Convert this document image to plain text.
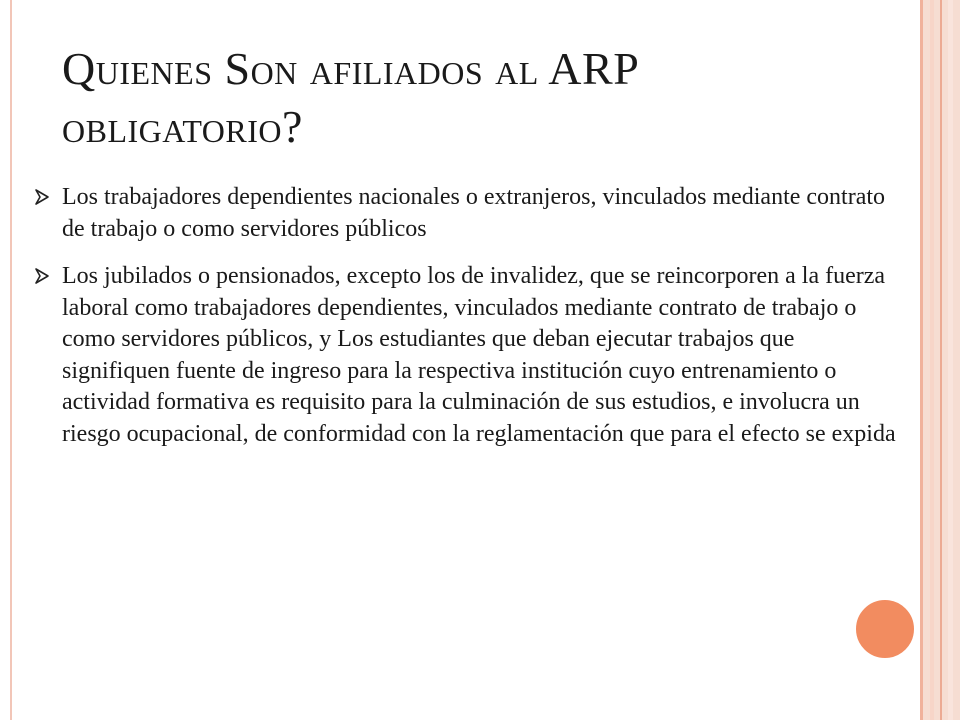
Quienes Son afiliados al ARP obligatorio?
Los trabajadores dependientes nacionales o extranjeros, vinculados mediante contrato de trabajo o como servidores públicos
Los jubilados o pensionados, excepto los de invalidez, que se reincorporen a la fuerza laboral como trabajadores dependientes, vinculados mediante contrato de trabajo o como servidores públicos, y Los estudiantes que deban ejecutar trabajos que signifiquen fuente de ingreso para la respectiva institución cuyo entrenamiento o actividad formativa es requisito para la culminación de sus estudios, e involucra un riesgo ocupacional, de conformidad con la reglamentación que para el efecto se expida
